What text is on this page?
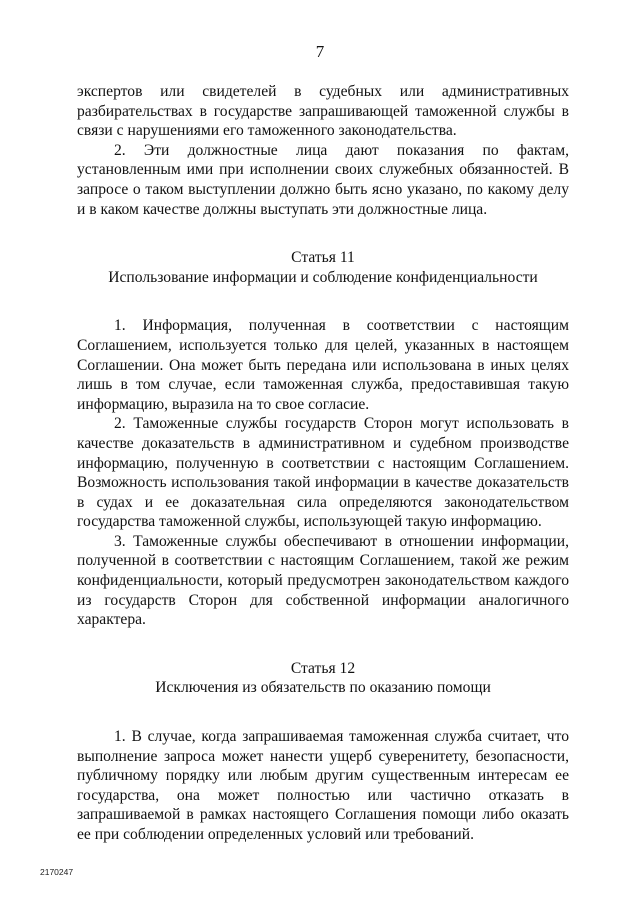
7

экспертов или свидетелей в судебных или административных разбирательствах в государстве запрашивающей таможенной службы в связи с нарушениями его таможенного законодательства.

2. Эти должностные лица дают показания по фактам, установленным ими при исполнении своих служебных обязанностей. В запросе о таком выступлении должно быть ясно указано, по какому делу и в каком качестве должны выступать эти должностные лица.

Статья 11
Использование информации и соблюдение конфиденциальности

1. Информация, полученная в соответствии с настоящим Соглашением, используется только для целей, указанных в настоящем Соглашении. Она может быть передана или использована в иных целях лишь в том случае, если таможенная служба, предоставившая такую информацию, выразила на то свое согласие.

2. Таможенные службы государств Сторон могут использовать в качестве доказательств в административном и судебном производстве информацию, полученную в соответствии с настоящим Соглашением. Возможность использования такой информации в качестве доказательств в судах и ее доказательная сила определяются законодательством государства таможенной службы, использующей такую информацию.

3. Таможенные службы обеспечивают в отношении информации, полученной в соответствии с настоящим Соглашением, такой же режим конфиденциальности, который предусмотрен законодательством каждого из государств Сторон для собственной информации аналогичного характера.

Статья 12
Исключения из обязательств по оказанию помощи

1. В случае, когда запрашиваемая таможенная служба считает, что выполнение запроса может нанести ущерб суверенитету, безопасности, публичному порядку или любым другим существенным интересам ее государства, она может полностью или частично отказать в запрашиваемой в рамках настоящего Соглашения помощи либо оказать ее при соблюдении определенных условий или требований.

2170247
